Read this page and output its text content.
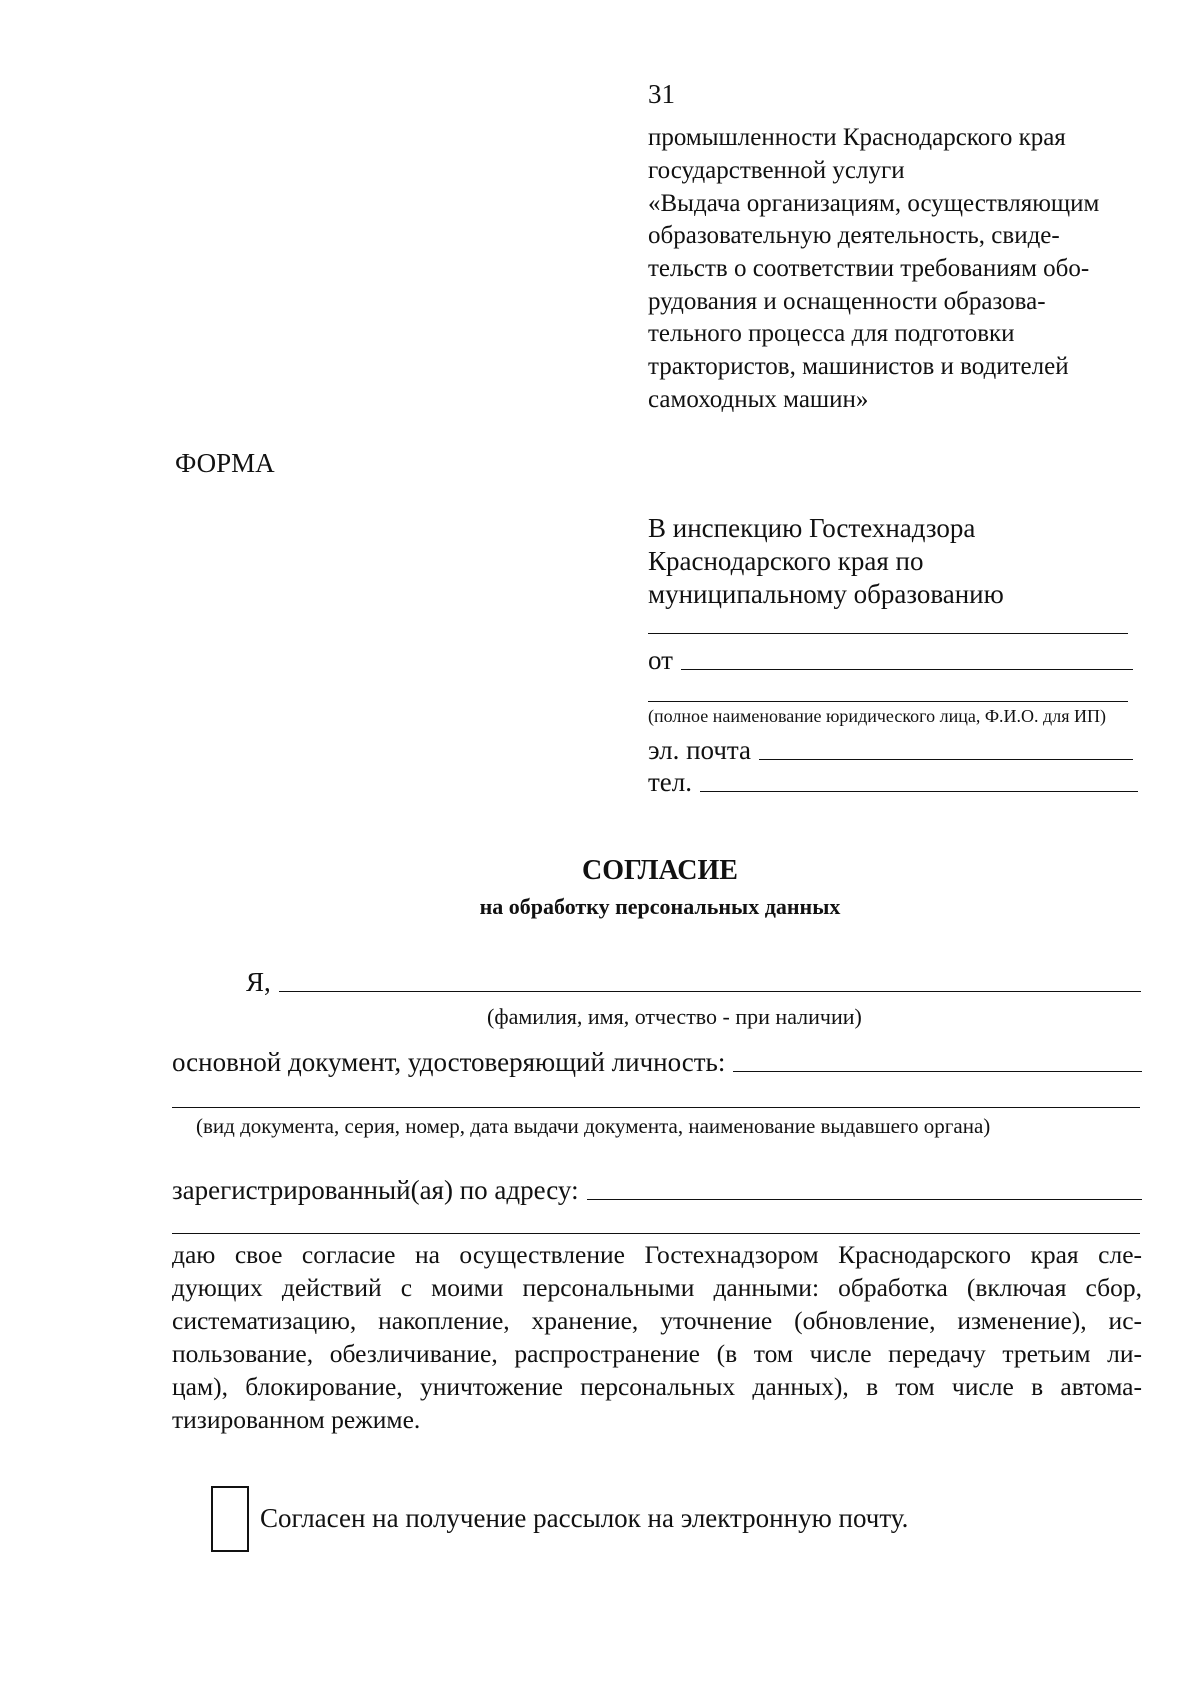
31
промышленности Краснодарского края
государственной услуги
«Выдача организациям, осуществляющим
образовательную деятельность, свиде-
тельств о соответствии требованиям обо-
рудования и оснащенности образова-
тельного процесса для подготовки
трактористов, машинистов и водителей
самоходных машин»
ФОРМА
В инспекцию Гостехнадзора
Краснодарского края по
муниципальному образованию
от
(полное наименование юридического лица, Ф.И.О. для ИП)
эл. почта
тел.
СОГЛАСИЕ
на обработку персональных данных
Я,
(фамилия, имя, отчество - при наличии)
основной документ, удостоверяющий личность:
(вид документа, серия, номер, дата выдачи документа, наименование выдавшего органа)
зарегистрированный(ая) по адресу:
даю свое согласие на осуществление Гостехнадзором Краснодарского края сле-
дующих действий с моими персональными данными: обработка (включая сбор,
систематизацию, накопление, хранение, уточнение (обновление, изменение), ис-
пользование, обезличивание, распространение (в том числе передачу третьим ли-
цам), блокирование, уничтожение персональных данных), в том числе в автома-
тизированном режиме.
Согласен на получение рассылок на электронную почту.
